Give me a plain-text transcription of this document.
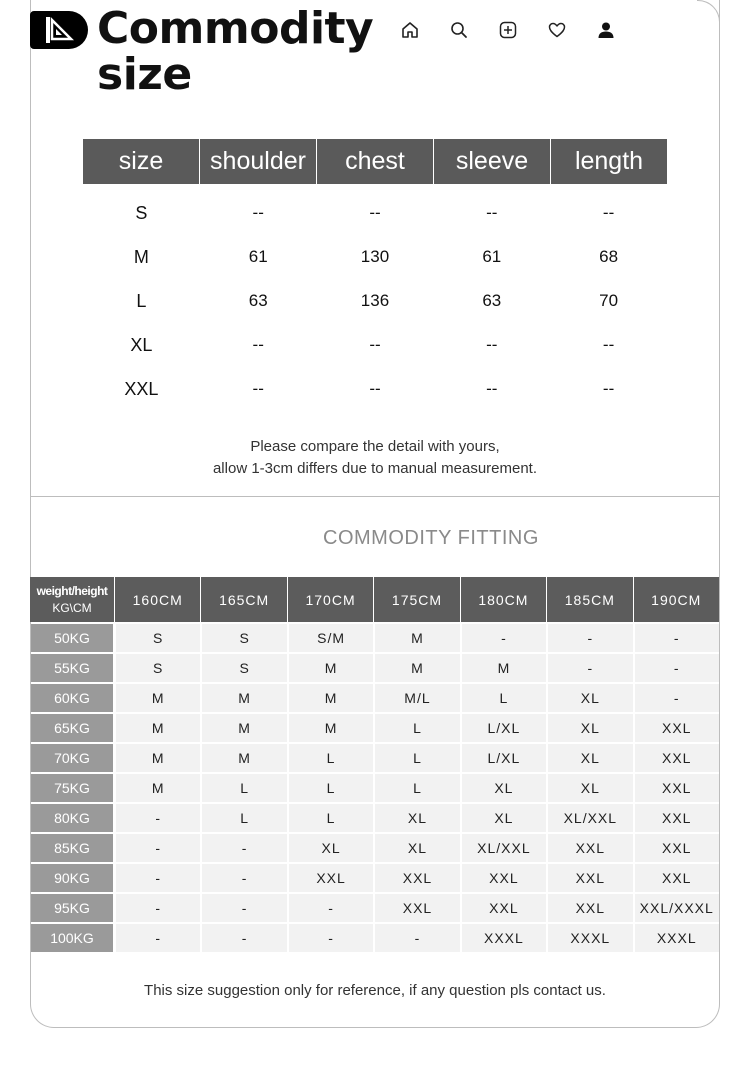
Commodity
size
size	shoulder	chest	sleeve	length
S	--	--	--	--
M	61	130	61	68
L	63	136	63	70
XL	--	--	--	--
XXL	--	--	--	--
Please compare the detail with yours,
allow 1-3cm differs due to manual measurement.
COMMODITY FITTING
weight/height
KG\CM	160CM	165CM	170CM	175CM	180CM	185CM	190CM
50KG	S	S	S/M	M	-	-	-
55KG	S	S	M	M	M	-	-
60KG	M	M	M	M/L	L	XL	-
65KG	M	M	M	L	L/XL	XL	XXL
70KG	M	M	L	L	L/XL	XL	XXL
75KG	M	L	L	L	XL	XL	XXL
80KG	-	L	L	XL	XL	XL/XXL	XXL
85KG	-	-	XL	XL	XL/XXL	XXL	XXL
90KG	-	-	XXL	XXL	XXL	XXL	XXL
95KG	-	-	-	XXL	XXL	XXL	XXL/XXXL
100KG	-	-	-	-	XXXL	XXXL	XXXL
This size suggestion only for reference, if any question pls contact us.
